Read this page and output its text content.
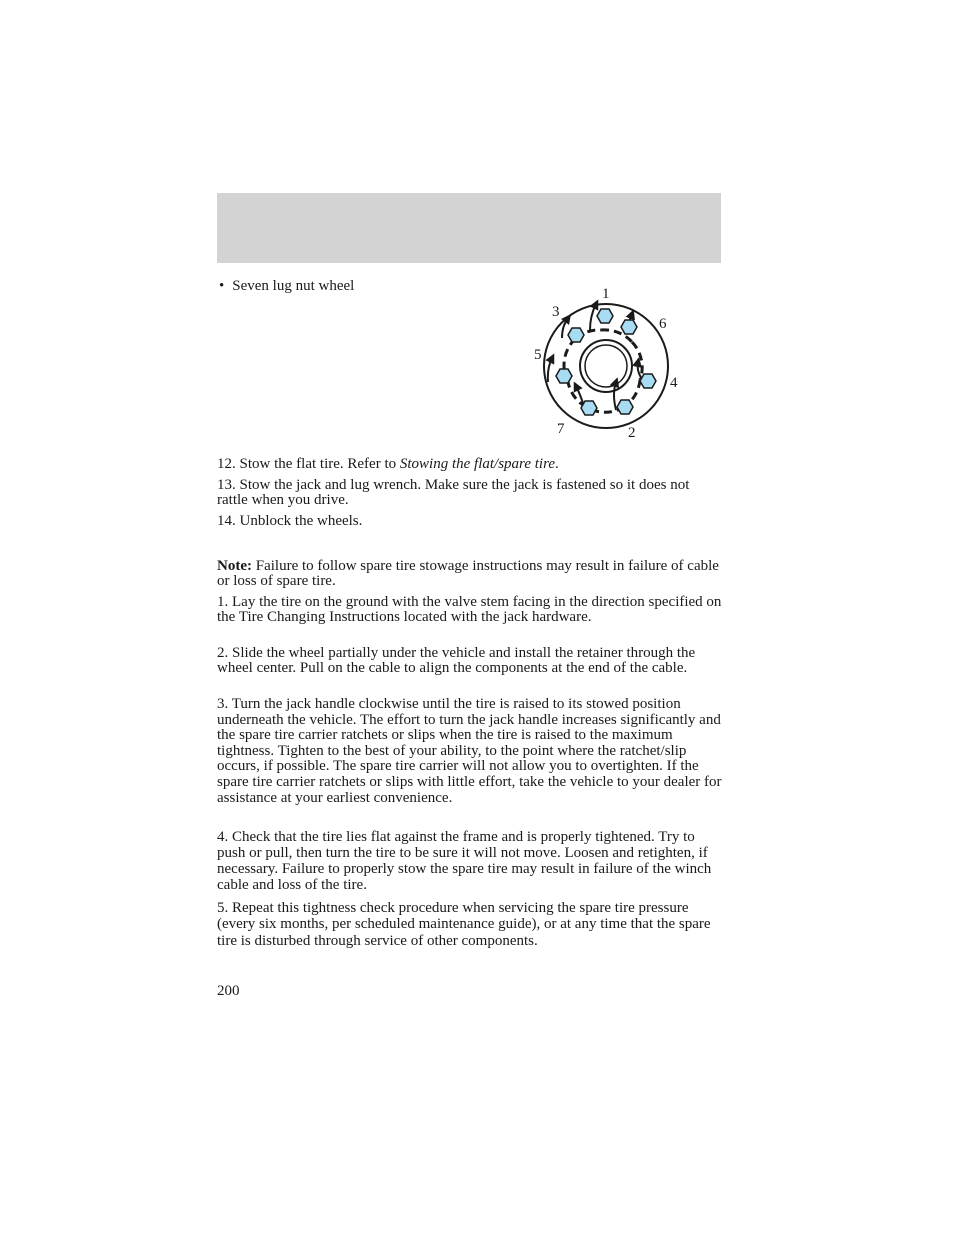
• Seven lug nut wheel	1
2
3
4
5
6
7

12. Stow the flat tire. Refer to Stowing the flat/spare tire.

13. Stow the jack and lug wrench. Make sure the jack is fastened so it does not rattle when you drive.

14. Unblock the wheels.

Note: Failure to follow spare tire stowage instructions may result in failure of cable or loss of spare tire.

1. Lay the tire on the ground with the valve stem facing in the direction specified on the Tire Changing Instructions located with the jack hardware.

2. Slide the wheel partially under the vehicle and install the retainer through the wheel center. Pull on the cable to align the components at the end of the cable.

3. Turn the jack handle clockwise until the tire is raised to its stowed position underneath the vehicle. The effort to turn the jack handle increases significantly and the spare tire carrier ratchets or slips when the tire is raised to the maximum tightness. Tighten to the best of your ability, to the point where the ratchet/slip occurs, if possible. The spare tire carrier will not allow you to overtighten. If the spare tire carrier ratchets or slips with little effort, take the vehicle to your dealer for assistance at your earliest convenience.

4. Check that the tire lies flat against the frame and is properly tightened. Try to push or pull, then turn the tire to be sure it will not move. Loosen and retighten, if necessary. Failure to properly stow the spare tire may result in failure of the winch cable and loss of the tire.

5. Repeat this tightness check procedure when servicing the spare tire pressure (every six months, per scheduled maintenance guide), or at any time that the spare tire is disturbed through service of other components.

200
